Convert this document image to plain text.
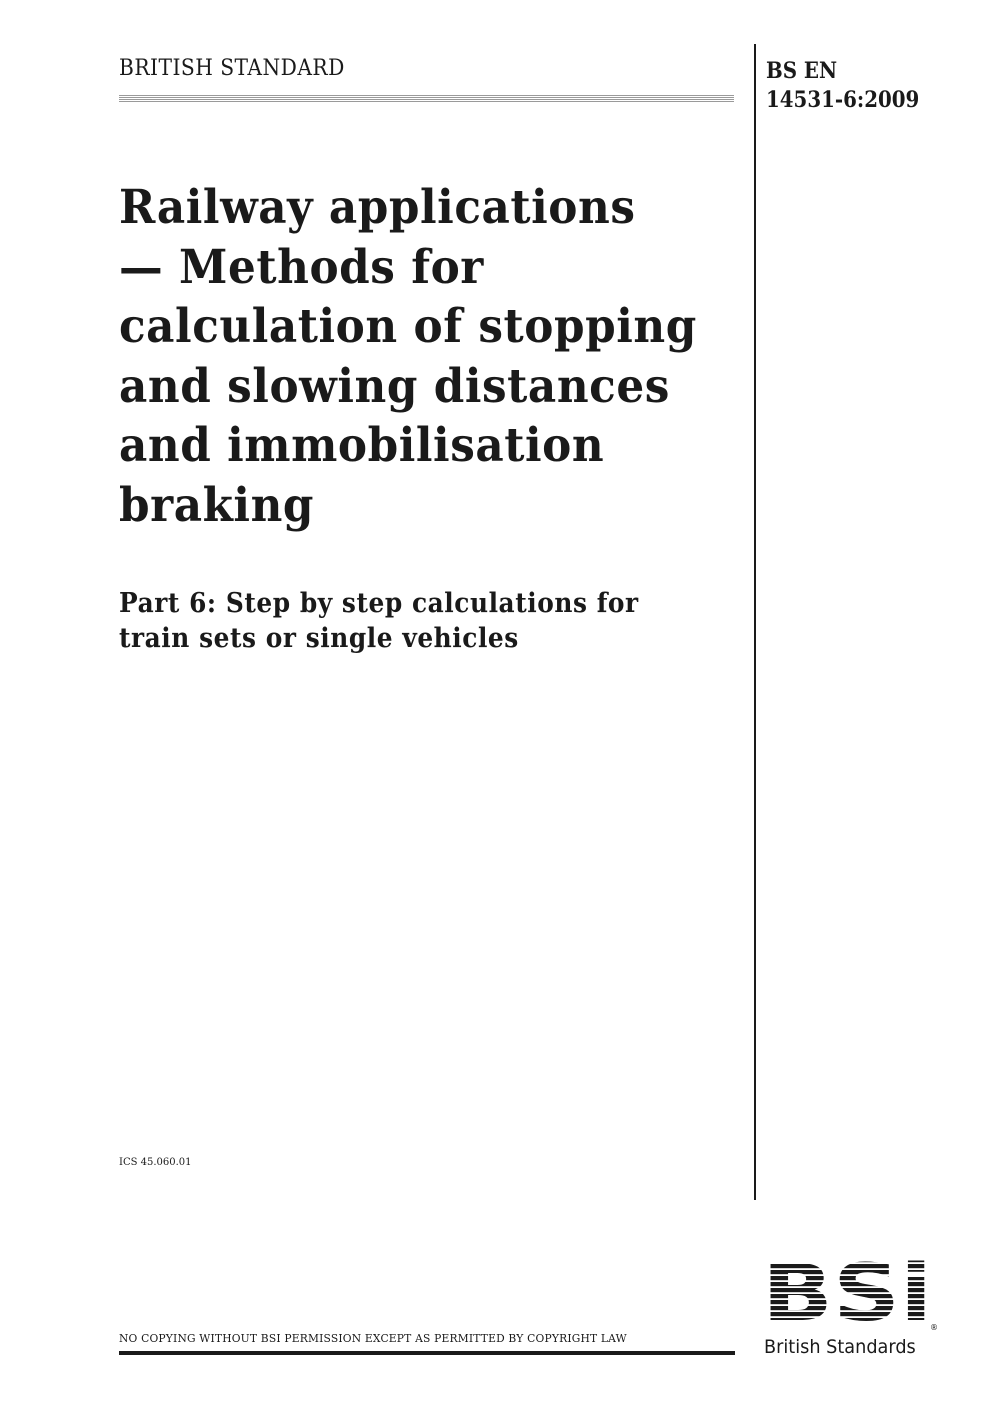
BRITISH STANDARD	BS EN
14531-6:2009
Railway applications
— Methods for
calculation of stopping
and slowing distances
and immobilisation
braking
Part 6: Step by step calculations for
train sets or single vehicles
ICS 45.060.01
NO COPYING WITHOUT BSI PERMISSION EXCEPT AS PERMITTED BY COPYRIGHT LAW
®
British Standards
